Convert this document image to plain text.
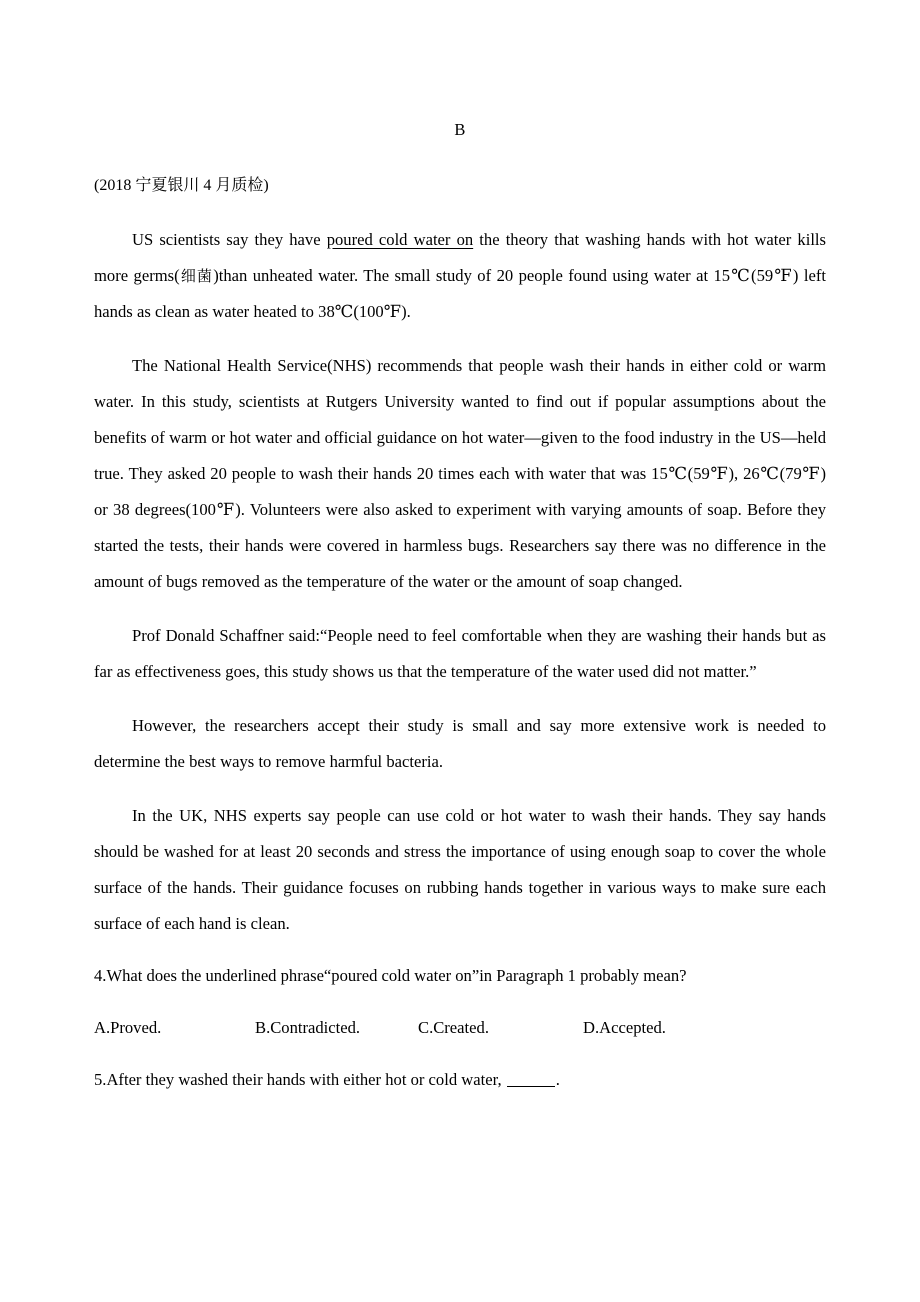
B
(2018 宁夏银川 4 月质检)

US scientists say they have poured cold water on the theory that washing hands with hot water kills more germs(细菌)than unheated water. The small study of 20 people found using water at 15℃(59℉) left hands as clean as water heated to 38℃(100℉).

The National Health Service(NHS) recommends that people wash their hands in either cold or warm water. In this study, scientists at Rutgers University wanted to find out if popular assumptions about the benefits of warm or hot water and official guidance on hot water—given to the food industry in the US—held true. They asked 20 people to wash their hands 20 times each with water that was 15℃(59℉), 26℃(79℉) or 38 degrees(100℉). Volunteers were also asked to experiment with varying amounts of soap. Before they started the tests, their hands were covered in harmless bugs. Researchers say there was no difference in the amount of bugs removed as the temperature of the water or the amount of soap changed.

Prof Donald Schaffner said:“People need to feel comfortable when they are washing their hands but as far as effectiveness goes, this study shows us that the temperature of the water used did not matter.”

However, the researchers accept their study is small and say more extensive work is needed to determine the best ways to remove harmful bacteria.

In the UK, NHS experts say people can use cold or hot water to wash their hands. They say hands should be washed for at least 20 seconds and stress the importance of using enough soap to cover the whole surface of the hands. Their guidance focuses on rubbing hands together in various ways to make sure each surface of each hand is clean.

4.What does the underlined phrase“poured cold water on”in Paragraph 1 probably mean?
A.Proved.	B.Contradicted.	C.Created.	D.Accepted.
5.After they washed their hands with either hot or cold water,	.
